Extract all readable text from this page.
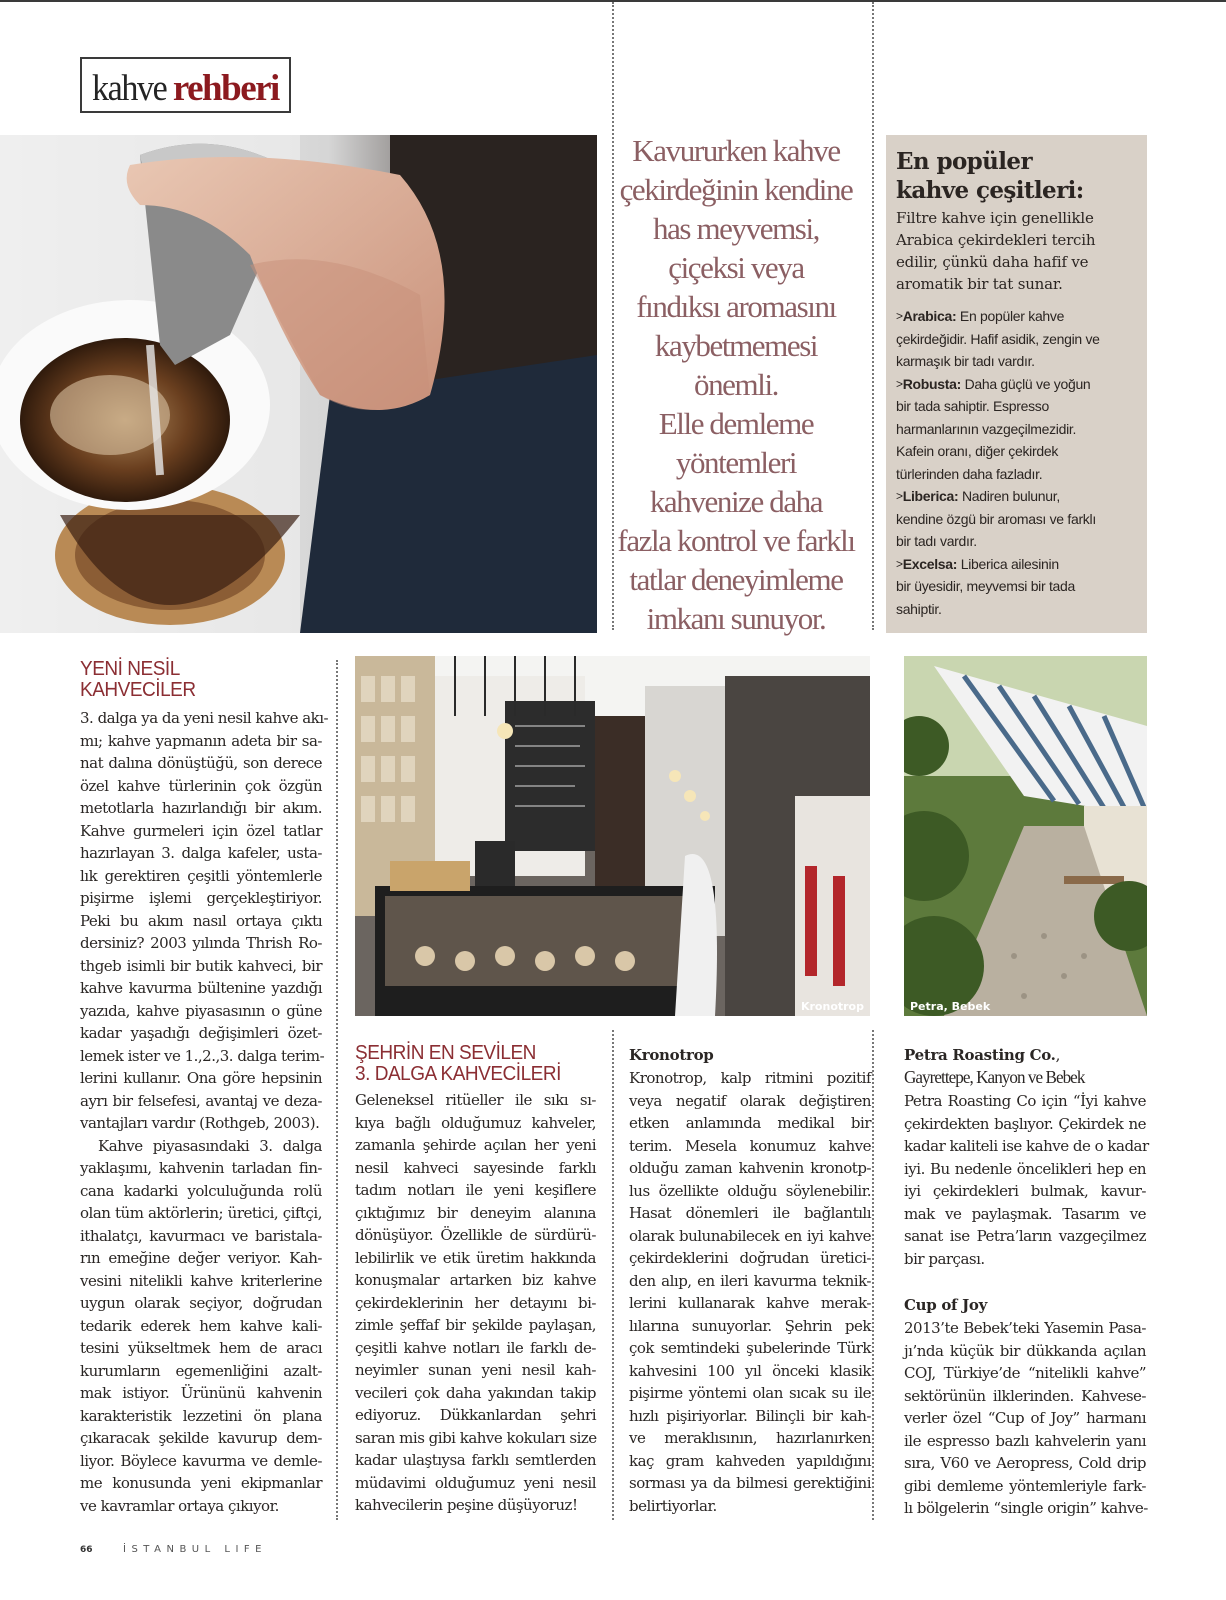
kahve rehberi

Kavururken kahve
çekirdeğinin kendine
has meyvemsi,
çiçeksi veya
fındıksı aromasını
kaybetmemesi
önemli.
Elle demleme
yöntemleri
kahvenize daha
fazla kontrol ve farklı
tatlar deneyimleme
imkanı sunuyor.

En popüler
kahve çeşitleri:
Filtre kahve için genellikle
Arabica çekirdekleri tercih
edilir, çünkü daha hafif ve
aromatik bir tat sunar.
>Arabica: En popüler kahve
çekirdeğidir. Hafif asidik, zengin ve
karmaşık bir tadı vardır.
>Robusta: Daha güçlü ve yoğun
bir tada sahiptir. Espresso
harmanlarının vazgeçilmezidir.
Kafein oranı, diğer çekirdek
türlerinden daha fazladır.
>Liberica: Nadiren bulunur,
kendine özgü bir aroması ve farklı
bir tadı vardır.
>Excelsa: Liberica ailesinin
bir üyesidir, meyvemsi bir tada
sahiptir.
Kronotrop	Petra, Bebek
YENİ NESİL
KAHVECİLER
3. dalga ya da yeni nesil kahve akı-
mı; kahve yapmanın adeta bir sa-
nat dalına dönüştüğü, son derece
özel kahve türlerinin çok özgün
metotlarla hazırlandığı bir akım.
Kahve gurmeleri için özel tatlar
hazırlayan 3. dalga kafeler, usta-
lık gerektiren çeşitli yöntemlerle
pişirme işlemi gerçekleştiriyor.
Peki bu akım nasıl ortaya çıktı
dersiniz? 2003 yılında Thrish Ro-
thgeb isimli bir butik kahveci, bir
kahve kavurma bültenine yazdığı
yazıda, kahve piyasasının o güne
kadar yaşadığı değişimleri özet-
lemek ister ve 1.,2.,3. dalga terim-
lerini kullanır. Ona göre hepsinin
ayrı bir felsefesi, avantaj ve deza-
vantajları vardır (Rothgeb, 2003).
Kahve piyasasındaki 3. dalga
yaklaşımı, kahvenin tarladan fin-
cana kadarki yolculuğunda rolü
olan tüm aktörlerin; üretici, çiftçi,
ithalatçı, kavurmacı ve baristala-
rın emeğine değer veriyor. Kah-
vesini nitelikli kahve kriterlerine
uygun olarak seçiyor, doğrudan
tedarik ederek hem kahve kali-
tesini yükseltmek hem de aracı
kurumların egemenliğini azalt-
mak istiyor. Ürününü kahvenin
karakteristik lezzetini ön plana
çıkaracak şekilde kavurup dem-
liyor. Böylece kavurma ve demle-
me konusunda yeni ekipmanlar
ve kavramlar ortaya çıkıyor.
ŞEHRİN EN SEVİLEN
3. DALGA KAHVECİLERİ
Geleneksel ritüeller ile sıkı sı-
kıya bağlı olduğumuz kahveler,
zamanla şehirde açılan her yeni
nesil kahveci sayesinde farklı
tadım notları ile yeni keşiflere
çıktığımız bir deneyim alanına
dönüşüyor. Özellikle de sürdürü-
lebilirlik ve etik üretim hakkında
konuşmalar artarken biz kahve
çekirdeklerinin her detayını bi-
zimle şeffaf bir şekilde paylaşan,
çeşitli kahve notları ile farklı de-
neyimler sunan yeni nesil kah-
vecileri çok daha yakından takip
ediyoruz. Dükkanlardan şehri
saran mis gibi kahve kokuları size
kadar ulaştıysa farklı semtlerden
müdavimi olduğumuz yeni nesil
kahvecilerin peşine düşüyoruz!
Kronotrop
Kronotrop, kalp ritmini pozitif
veya negatif olarak değiştiren
etken anlamında medikal bir
terim. Mesela konumuz kahve
olduğu zaman kahvenin kronotp-
lus özellikte olduğu söylenebilir.
Hasat dönemleri ile bağlantılı
olarak bulunabilecek en iyi kahve
çekirdeklerini doğrudan üretici-
den alıp, en ileri kavurma teknik-
lerini kullanarak kahve merak-
lılarına sunuyorlar. Şehrin pek
çok semtindeki şubelerinde Türk
kahvesini 100 yıl önceki klasik
pişirme yöntemi olan sıcak su ile
hızlı pişiriyorlar. Bilinçli bir kah-
ve meraklısının, hazırlanırken
kaç gram kahveden yapıldığını
sorması ya da bilmesi gerektiğini
belirtiyorlar.
Petra Roasting Co.,
Gayrettepe, Kanyon ve Bebek
Petra Roasting Co için “İyi kahve
çekirdekten başlıyor. Çekirdek ne
kadar kaliteli ise kahve de o kadar
iyi. Bu nedenle öncelikleri hep en
iyi çekirdekleri bulmak, kavur-
mak ve paylaşmak. Tasarım ve
sanat ise Petra’ların vazgeçilmez
bir parçası.
Cup of Joy
2013’te Bebek’teki Yasemin Pasa-
jı’nda küçük bir dükkanda açılan
COJ, Türkiye’de “nitelikli kahve”
sektörünün ilklerinden. Kahvese-
verler özel “Cup of Joy” harmanı
ile espresso bazlı kahvelerin yanı
sıra, V60 ve Aeropress, Cold drip
gibi demleme yöntemleriyle fark-
lı bölgelerin “single origin” kahve-
66	İSTANBUL LIFE
